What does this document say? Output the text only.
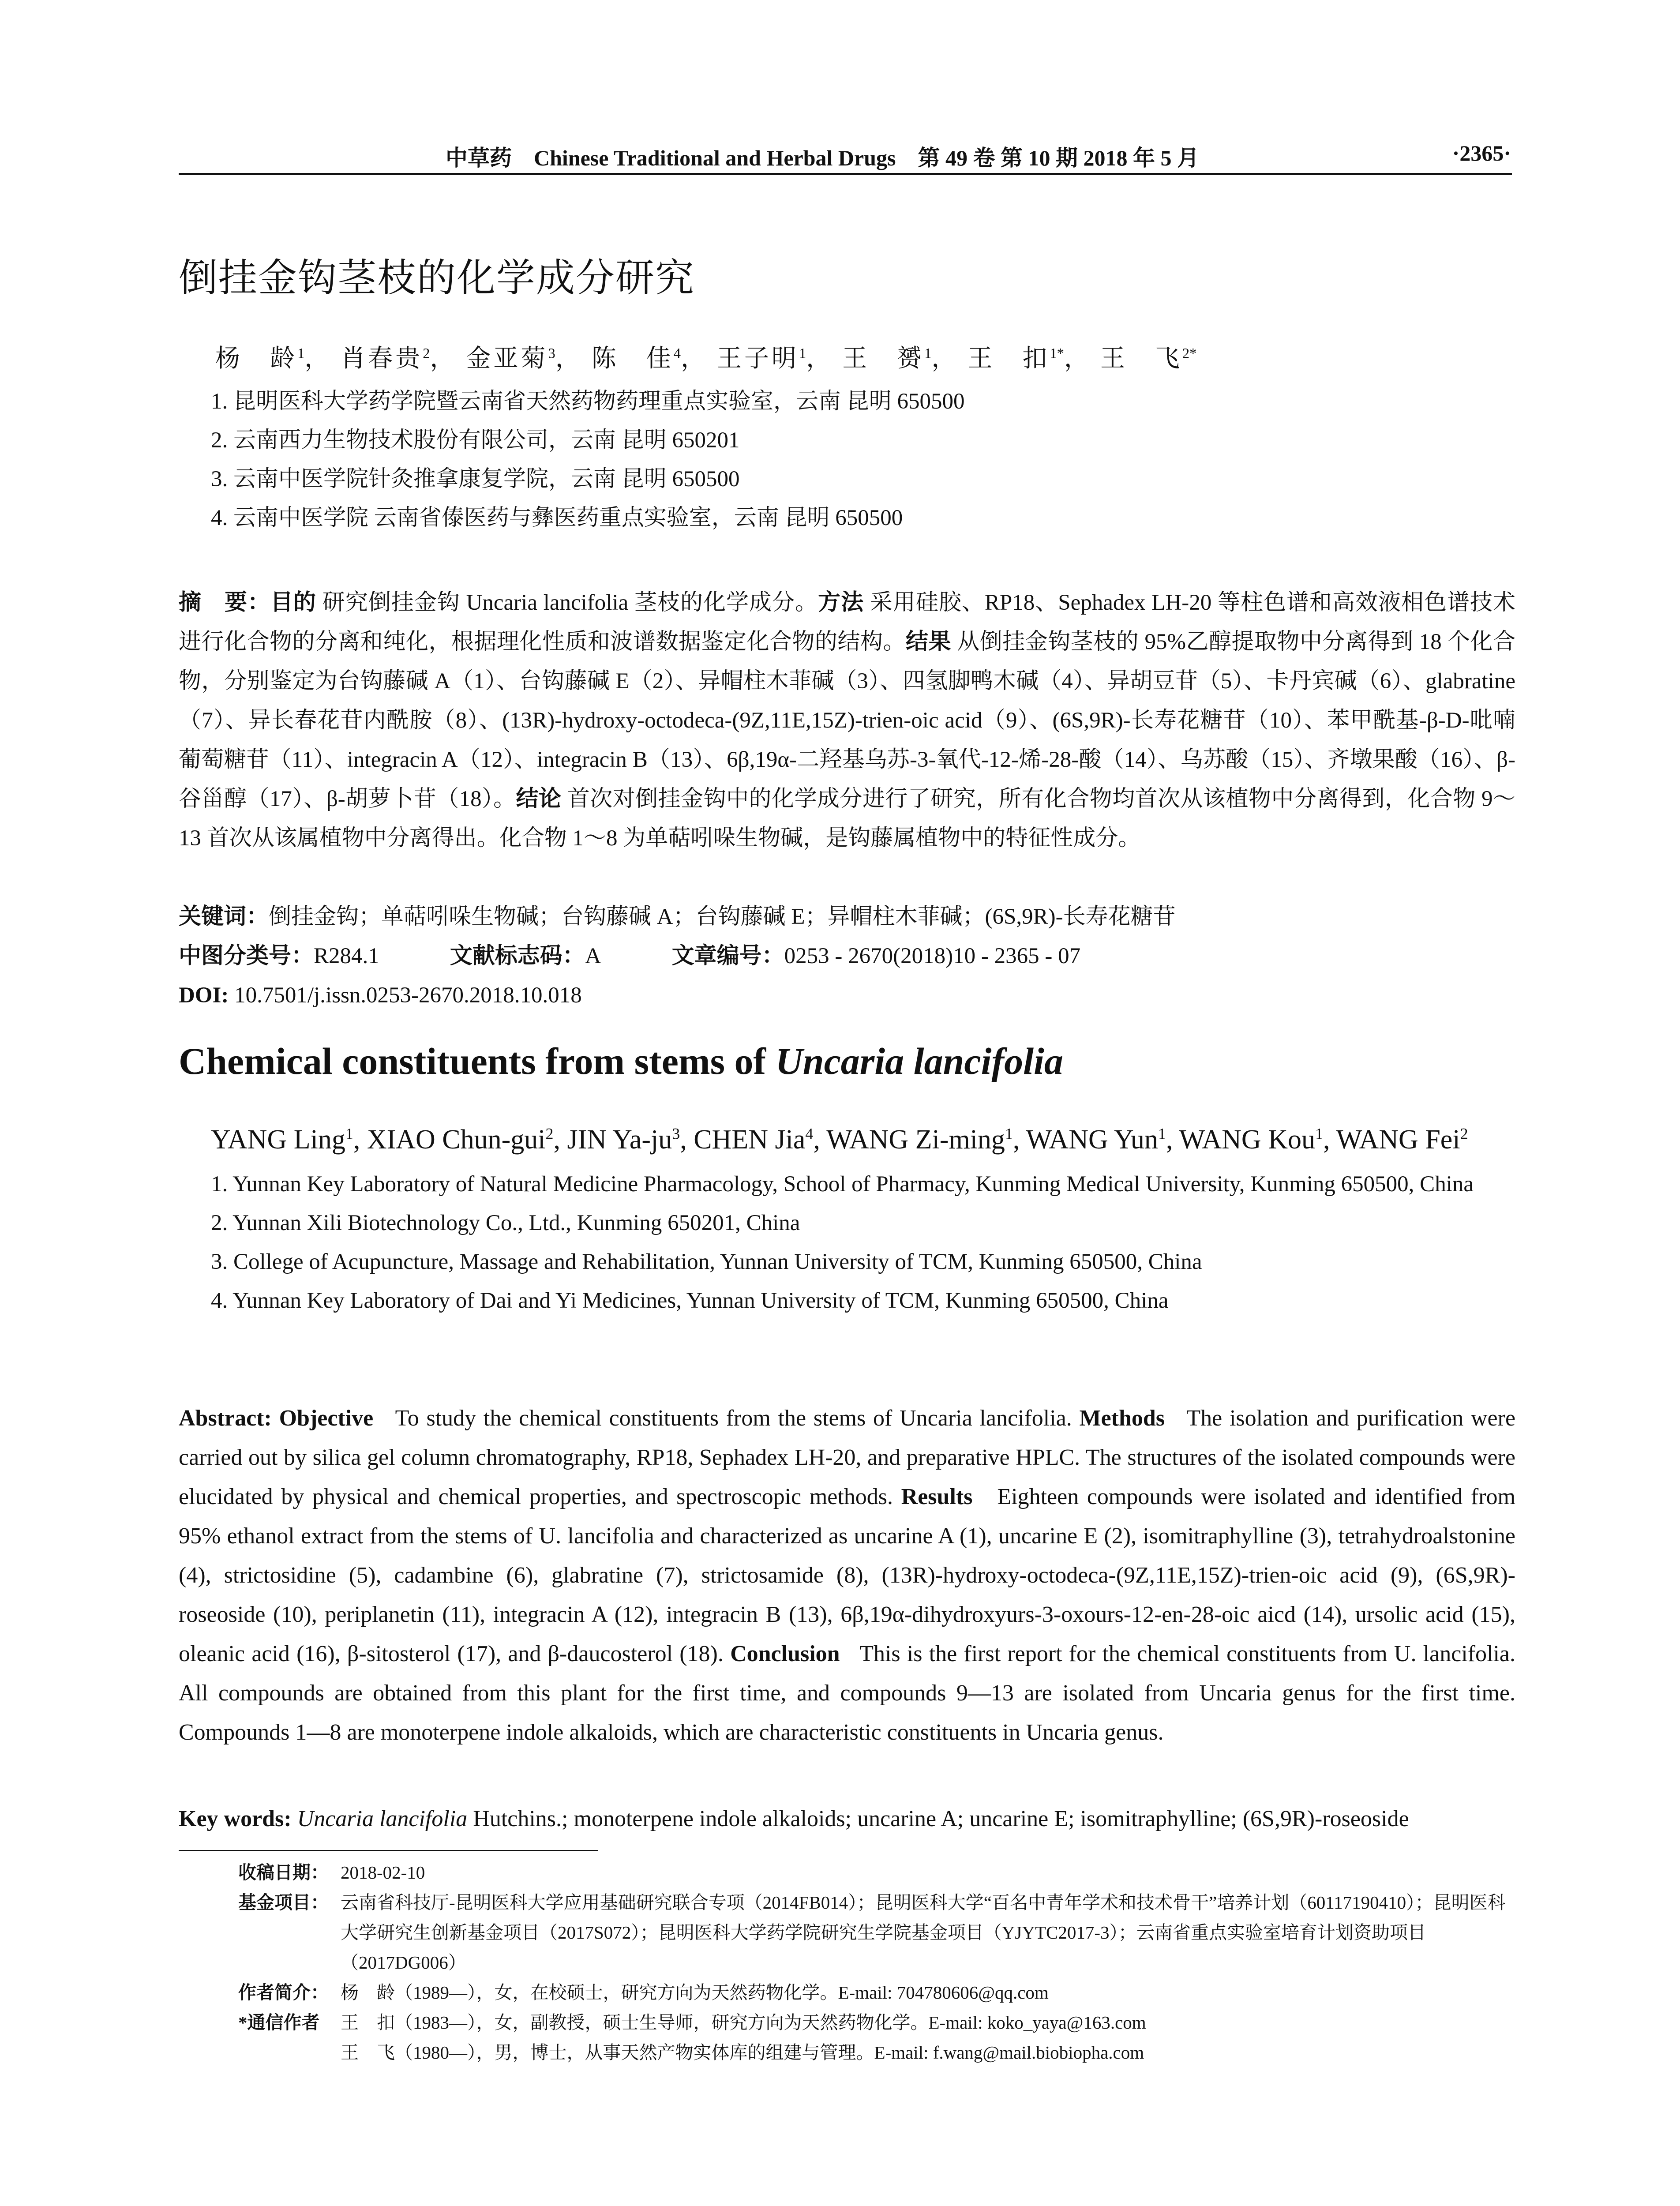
中草药　Chinese Traditional and Herbal Drugs　第 49 卷 第 10 期 2018 年 5 月	·2365·
倒挂金钩茎枝的化学成分研究
杨　龄$^1$， 肖春贵$^2$， 金亚菊$^3$， 陈　佳$^4$， 王子明$^1$， 王　赟$^1$， 王　扣$^{1*}$， 王　飞$^{2*}$
1. 昆明医科大学药学院暨云南省天然药物药理重点实验室，云南 昆明 650500
2. 云南西力生物技术股份有限公司，云南 昆明 650201
3. 云南中医学院针灸推拿康复学院，云南 昆明 650500
4. 云南中医学院 云南省傣医药与彝医药重点实验室，云南 昆明 650500
摘　要：目的 研究倒挂金钩 Uncaria lancifolia 茎枝的化学成分。方法 采用硅胶、RP18、Sephadex LH-20 等柱色谱和高效液相色谱技术进行化合物的分离和纯化，根据理化性质和波谱数据鉴定化合物的结构。结果 从倒挂金钩茎枝的 95%乙醇提取物中分离得到 18 个化合物，分别鉴定为台钩藤碱 A（1）、台钩藤碱 E（2）、异帽柱木菲碱（3）、四氢脚鸭木碱（4）、异胡豆苷（5）、卡丹宾碱（6）、glabratine（7）、异长春花苷内酰胺（8）、(13R)-hydroxy-octodeca-(9Z,11E,15Z)-trien-oic acid（9）、(6S,9R)-长寿花糖苷（10）、苯甲酰基-β-D-吡喃葡萄糖苷（11）、integracin A（12）、integracin B（13）、6β,19α-二羟基乌苏-3-氧代-12-烯-28-酸（14）、乌苏酸（15）、齐墩果酸（16）、β-谷甾醇（17）、β-胡萝卜苷（18）。结论 首次对倒挂金钩中的化学成分进行了研究，所有化合物均首次从该植物中分离得到，化合物 9～13 首次从该属植物中分离得出。化合物 1～8 为单萜吲哚生物碱，是钩藤属植物中的特征性成分。
关键词：倒挂金钩；单萜吲哚生物碱；台钩藤碱 A；台钩藤碱 E；异帽柱木菲碱；(6S,9R)-长寿花糖苷
中图分类号：R284.1	文献标志码：A	文章编号：0253 - 2670(2018)10 - 2365 - 07
DOI: 10.7501/j.issn.0253-2670.2018.10.018
Chemical constituents from stems of Uncaria lancifolia
YANG Ling$^1$, XIAO Chun-gui$^2$, JIN $Ya-ju^3$, CHEN Jia$^4$, WANG Zi-ming$^1$, WANG Yun$^1$, WANG Kou$^1$, WANG Fei$^2$
1. Yunnan Key Laboratory of Natural Medicine Pharmacology, School of Pharmacy, Kunming Medical University, Kunming 650500, China
2. Yunnan Xili Biotechnology Co., Ltd., Kunming 650201, China
3. College of Acupuncture, Massage and Rehabilitation, Yunnan University of TCM, Kunming 650500, China
4. Yunnan Key Laboratory of Dai and Yi Medicines, Yunnan University of TCM, Kunming 650500, China
Abstract: Objective To study the chemical constituents from the stems of Uncaria lancifolia. Methods The isolation and purification were carried out by silica gel column chromatography, RP18, Sephadex LH-20, and preparative HPLC. The structures of the isolated compounds were elucidated by physical and chemical properties, and spectroscopic methods. Results Eighteen compounds were isolated and identified from 95% ethanol extract from the stems of U. lancifolia and characterized as uncarine A (1), uncarine E (2), isomitraphylline (3), tetrahydroalstonine (4), strictosidine (5), cadambine (6), glabratine (7), strictosamide (8), (13R)-hydroxy-octodeca-(9Z,11E,15Z)-trien-oic acid (9), (6S,9R)-roseoside (10), periplanetin (11), integracin A (12), integracin B (13), 6β,19α-dihydroxyurs-3-oxours-12-en-28-oic aicd (14), ursolic acid (15), oleanic acid (16), β-sitosterol (17), and β-daucosterol (18). Conclusion This is the first report for the chemical constituents from U. lancifolia. All compounds are obtained from this plant for the first time, and compounds 9—13 are isolated from Uncaria genus for the first time. Compounds 1—8 are monoterpene indole alkaloids, which are characteristic constituents in Uncaria genus.
Key words: Uncaria lancifolia Hutchins.; monoterpene indole alkaloids; uncarine A; uncarine E; isomitraphylline; (6S,9R)-roseoside
收稿日期： 2018-02-10
基金项目： 云南省科技厅-昆明医科大学应用基础研究联合专项（2014FB014）；昆明医科大学“百名中青年学术和技术骨干”培养计划（60117190410）；昆明医科大学研究生创新基金项目（2017S072）；昆明医科大学药学院研究生学院基金项目（YJYTC2017-3）；云南省重点实验室培育计划资助项目（2017DG006）
作者简介： 杨　龄（1989—），女，在校硕士，研究方向为天然药物化学。E-mail: 704780606@qq.com
*通信作者 王　扣（1983—），女，副教授，硕士生导师，研究方向为天然药物化学。E-mail: koko_yaya@163.com
王　飞（1980—），男，博士，从事天然产物实体库的组建与管理。E-mail: f.wang@mail.biobiopha.com
